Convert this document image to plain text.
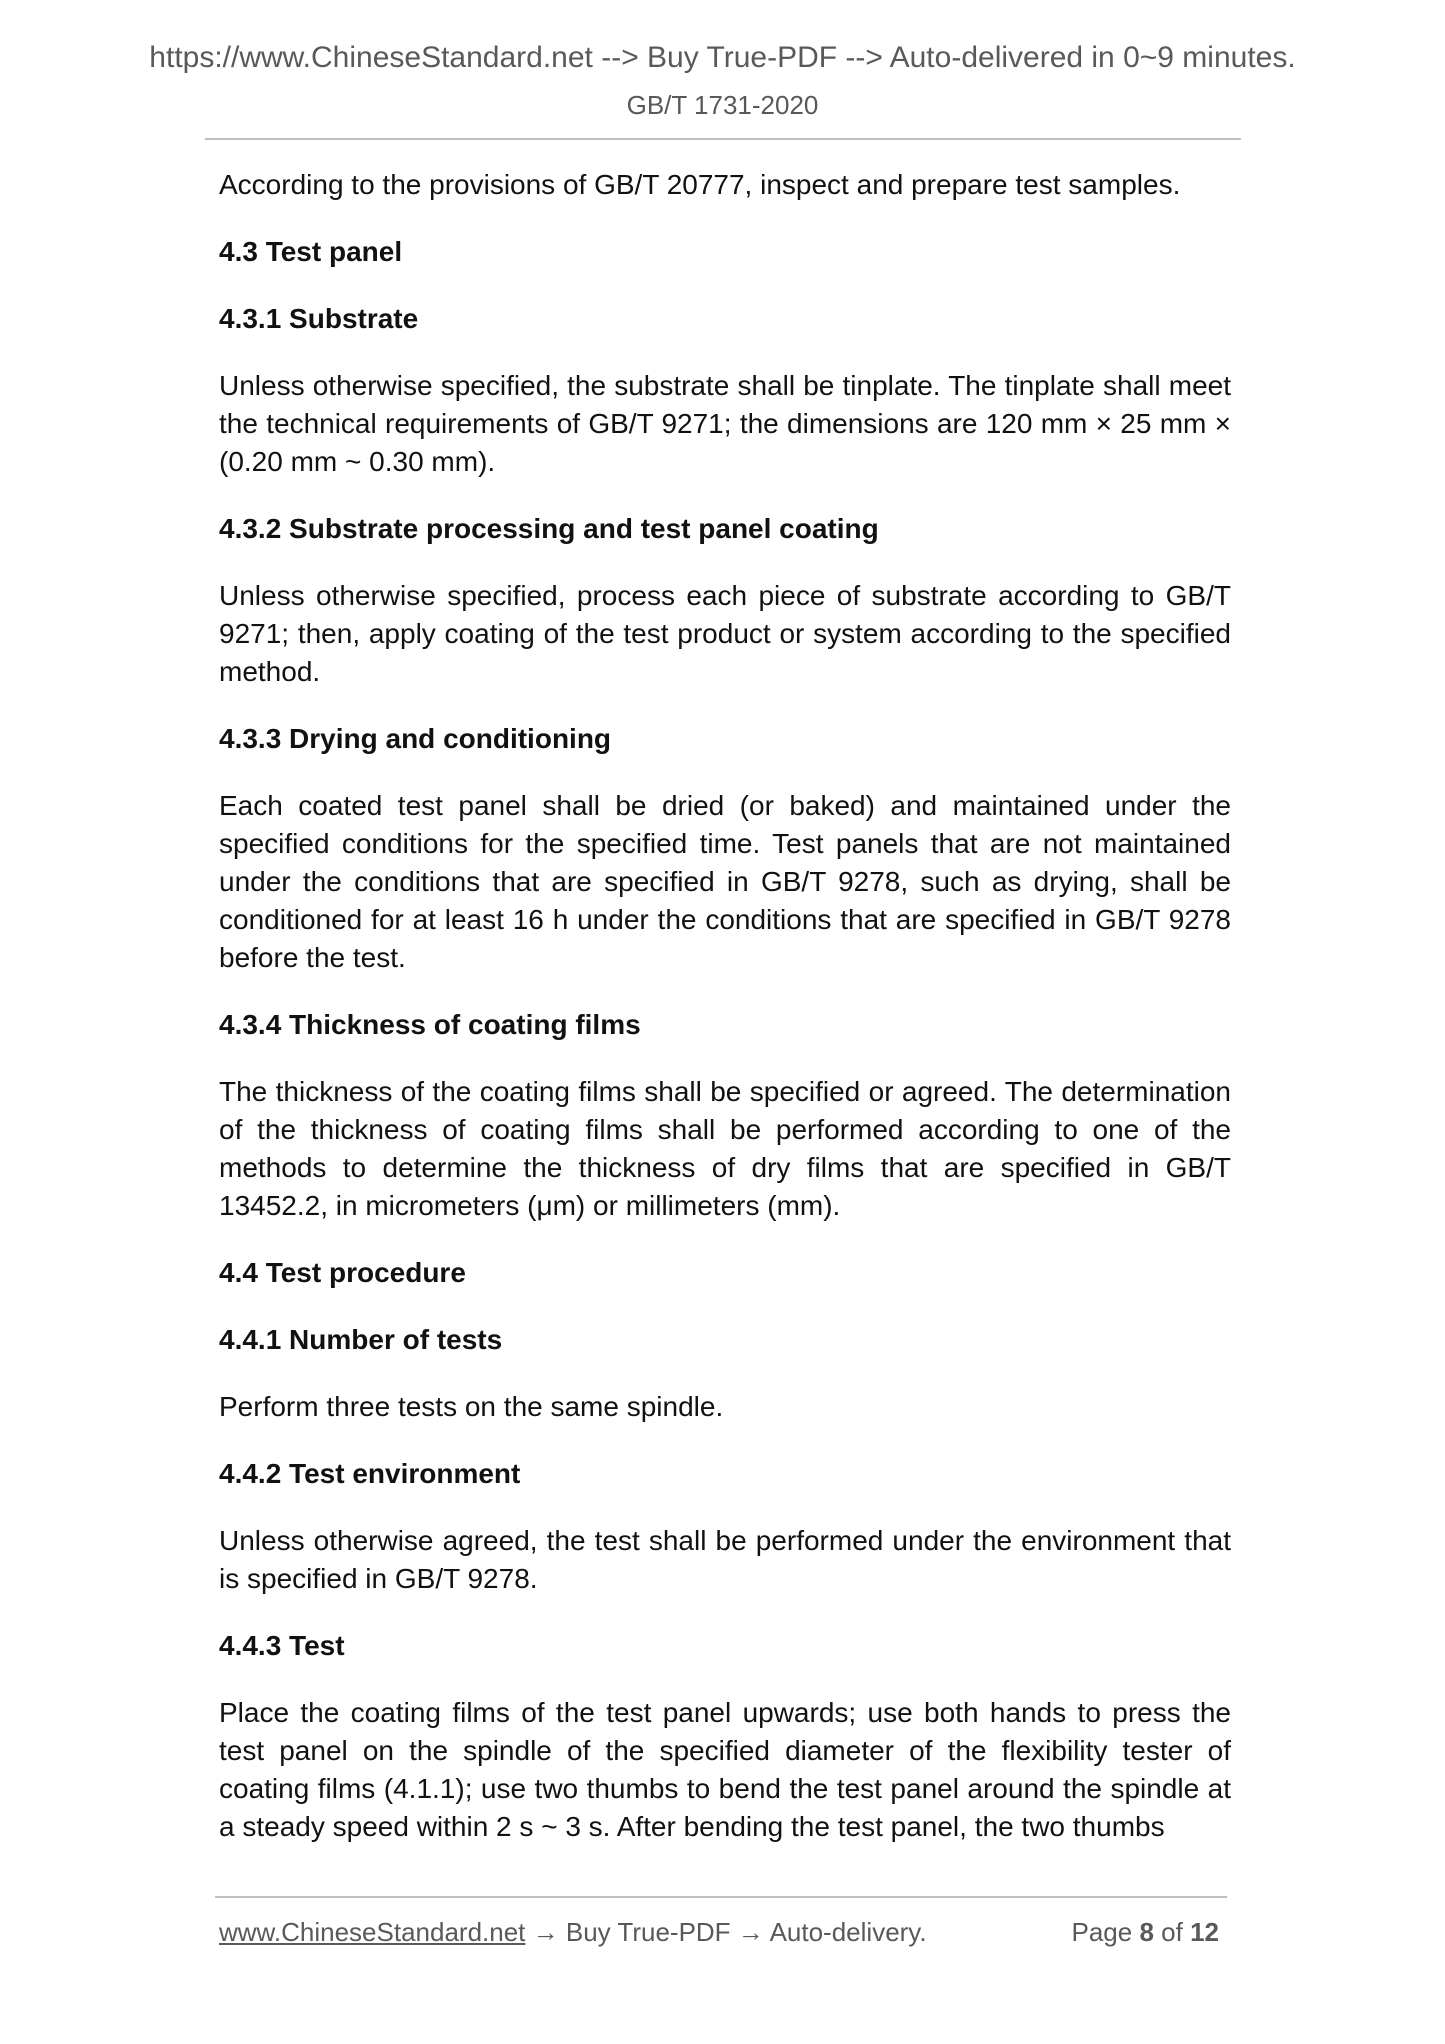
https://www.ChineseStandard.net --> Buy True-PDF --> Auto-delivered in 0~9 minutes.
GB/T 1731-2020

According to the provisions of GB/T 20777, inspect and prepare test samples.

4.3 Test panel

4.3.1 Substrate

Unless otherwise specified, the substrate shall be tinplate. The tinplate shall meet the technical requirements of GB/T 9271; the dimensions are 120 mm × 25 mm × (0.20 mm ~ 0.30 mm).

4.3.2 Substrate processing and test panel coating

Unless otherwise specified, process each piece of substrate according to GB/T 9271; then, apply coating of the test product or system according to the specified method.

4.3.3 Drying and conditioning

Each coated test panel shall be dried (or baked) and maintained under the specified conditions for the specified time. Test panels that are not maintained under the conditions that are specified in GB/T 9278, such as drying, shall be conditioned for at least 16 h under the conditions that are specified in GB/T 9278 before the test.

4.3.4 Thickness of coating films

The thickness of the coating films shall be specified or agreed. The determination of the thickness of coating films shall be performed according to one of the methods to determine the thickness of dry films that are specified in GB/T 13452.2, in micrometers (μm) or millimeters (mm).

4.4 Test procedure

4.4.1 Number of tests

Perform three tests on the same spindle.

4.4.2 Test environment

Unless otherwise agreed, the test shall be performed under the environment that is specified in GB/T 9278.

4.4.3 Test

Place the coating films of the test panel upwards; use both hands to press the test panel on the spindle of the specified diameter of the flexibility tester of coating films (4.1.1); use two thumbs to bend the test panel around the spindle at a steady speed within 2 s ~ 3 s. After bending the test panel, the two thumbs

www.ChineseStandard.net → Buy True-PDF → Auto-delivery.	Page 8 of 12
